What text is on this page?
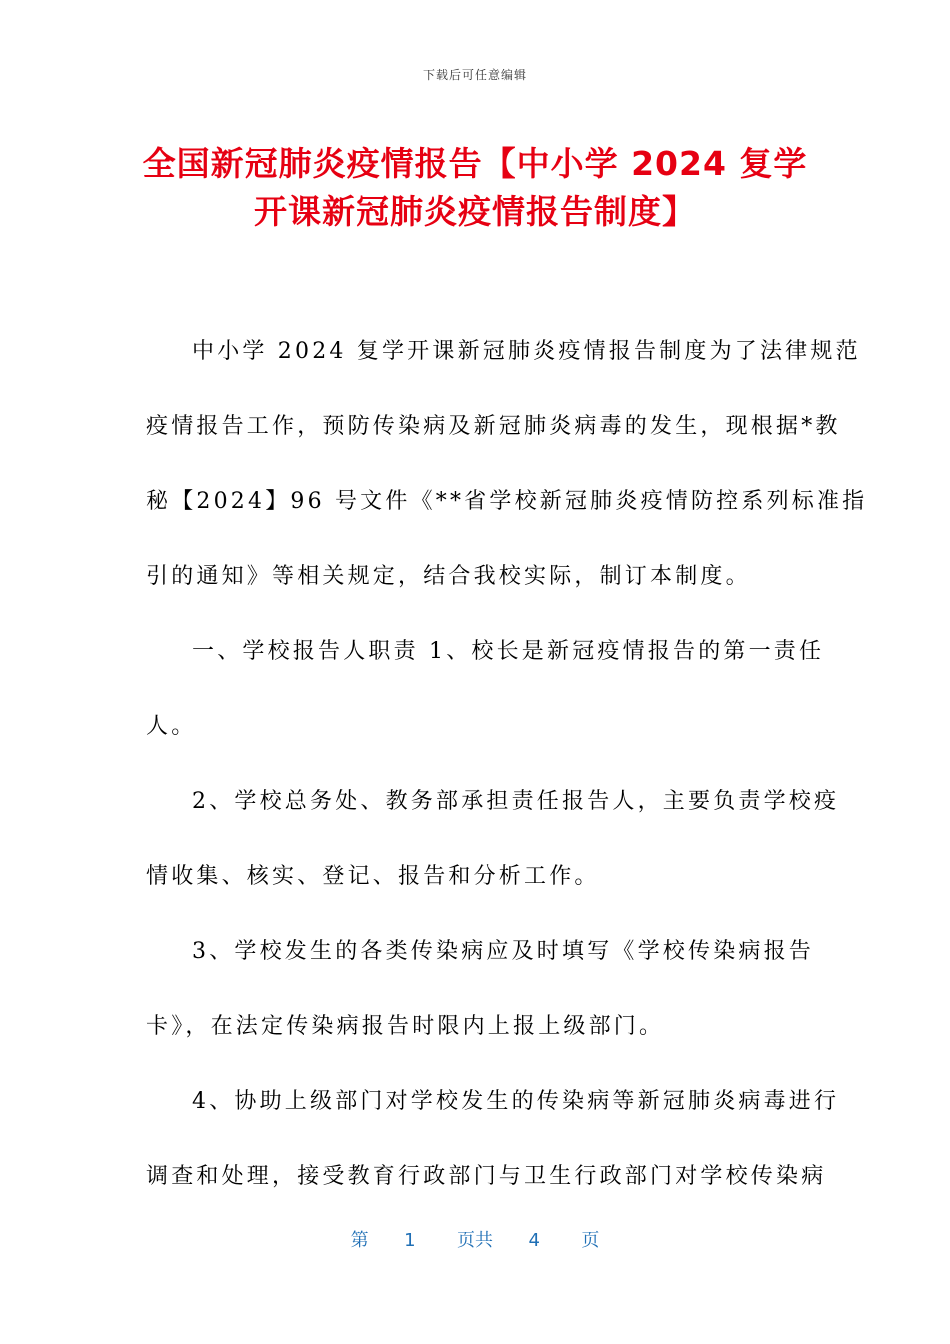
下载后可任意编辑
全国新冠肺炎疫情报告【中小学 2024 复学
开课新冠肺炎疫情报告制度】

中小学 2024 复学开课新冠肺炎疫情报告制度为了法律规范
疫情报告工作，预防传染病及新冠肺炎病毒的发生，现根据*教
秘【2024】96 号文件《**省学校新冠肺炎疫情防控系列标准指
引的通知》等相关规定，结合我校实际，制订本制度。

一、学校报告人职责 1、校长是新冠疫情报告的第一责任
人。

2、学校总务处、教务部承担责任报告人，主要负责学校疫
情收集、核实、登记、报告和分析工作。

3、学校发生的各类传染病应及时填写《学校传染病报告
卡》，在法定传染病报告时限内上报上级部门。

4、协助上级部门对学校发生的传染病等新冠肺炎病毒进行
调查和处理，接受教育行政部门与卫生行政部门对学校传染病

第 1 页共 4 页
